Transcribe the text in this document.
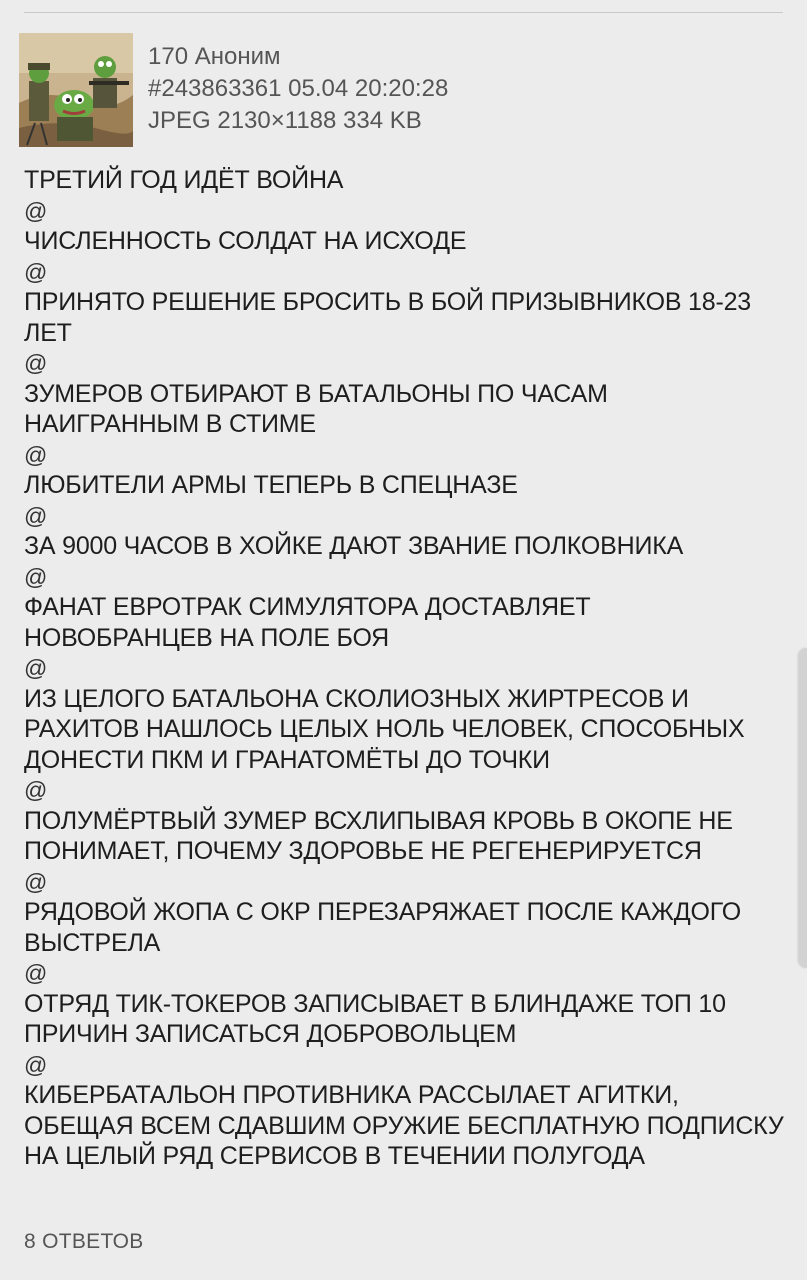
170 Аноним
#243863361 05.04 20:20:28
JPEG 2130×1188 334 KB
ТРЕТИЙ ГОД ИДЁТ ВОЙНА
@
ЧИСЛЕННОСТЬ СОЛДАТ НА ИСХОДЕ
@
ПРИНЯТО РЕШЕНИЕ БРОСИТЬ В БОЙ ПРИЗЫВНИКОВ 18-23 ЛЕТ
@
ЗУМЕРОВ ОТБИРАЮТ В БАТАЛЬОНЫ ПО ЧАСАМ НАИГРАННЫМ В СТИМЕ
@
ЛЮБИТЕЛИ АРМЫ ТЕПЕРЬ В СПЕЦНАЗЕ
@
ЗА 9000 ЧАСОВ В ХОЙКЕ ДАЮТ ЗВАНИЕ ПОЛКОВНИКА
@
ФАНАТ ЕВРОТРАК СИМУЛЯТОРА ДОСТАВЛЯЕТ НОВОБРАНЦЕВ НА ПОЛЕ БОЯ
@
ИЗ ЦЕЛОГО БАТАЛЬОНА СКОЛИОЗНЫХ ЖИРТРЕСОВ И РАХИТОВ НАШЛОСЬ ЦЕЛЫХ НОЛЬ ЧЕЛОВЕК, СПОСОБНЫХ ДОНЕСТИ ПКМ И ГРАНАТОМЁТЫ ДО ТОЧКИ
@
ПОЛУМЁРТВЫЙ ЗУМЕР ВСХЛИПЫВАЯ КРОВЬ В ОКОПЕ НЕ ПОНИМАЕТ, ПОЧЕМУ ЗДОРОВЬЕ НЕ РЕГЕНЕРИРУЕТСЯ
@
РЯДОВОЙ ЖОПА С ОКР ПЕРЕЗАРЯЖАЕТ ПОСЛЕ КАЖДОГО ВЫСТРЕЛА
@
ОТРЯД ТИК-ТОКЕРОВ ЗАПИСЫВАЕТ В БЛИНДАЖЕ ТОП 10 ПРИЧИН ЗАПИСАТЬСЯ ДОБРОВОЛЬЦЕМ
@
КИБЕРБАТАЛЬОН ПРОТИВНИКА РАССЫЛАЕТ АГИТКИ, ОБЕЩАЯ ВСЕМ СДАВШИМ ОРУЖИЕ БЕСПЛАТНУЮ ПОДПИСКУ НА ЦЕЛЫЙ РЯД СЕРВИСОВ В ТЕЧЕНИИ ПОЛУГОДА
8 ОТВЕТОВ
